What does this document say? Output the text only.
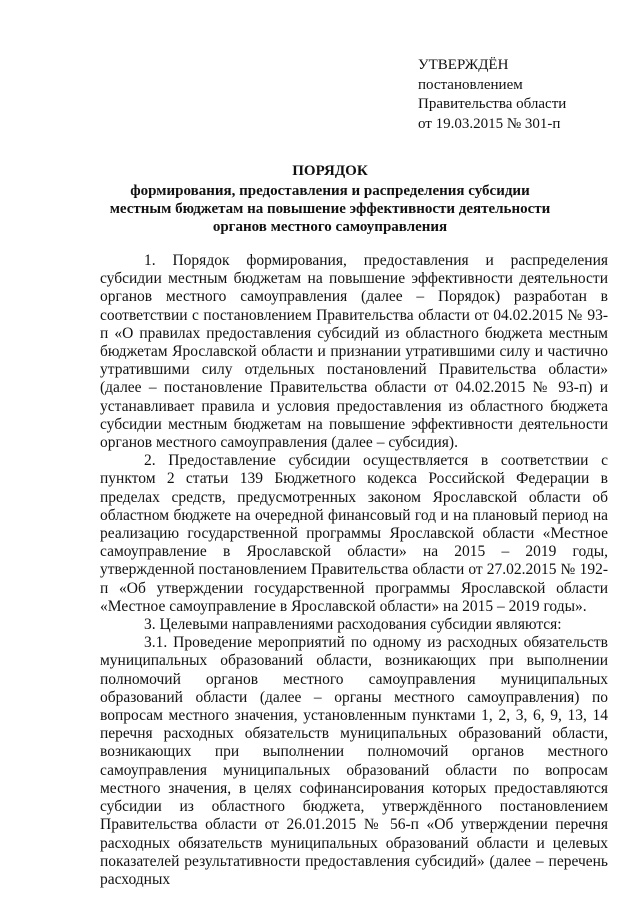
УТВЕРЖДЁН
постановлением
Правительства области
от 19.03.2015 № 301-п
ПОРЯДОК
формирования, предоставления и распределения субсидии местным бюджетам на повышение эффективности деятельности органов местного самоуправления

1. Порядок формирования, предоставления и распределения субсидии местным бюджетам на повышение эффективности деятельности органов местного самоуправления (далее – Порядок) разработан в соответствии с постановлением Правительства области от 04.02.2015 № 93-п «О правилах предоставления субсидий из областного бюджета местным бюджетам Ярославской области и признании утратившими силу и частично утратившими силу отдельных постановлений Правительства области» (далее – постановление Правительства области от 04.02.2015 № 93-п) и устанавливает правила и условия предоставления из областного бюджета субсидии местным бюджетам на повышение эффективности деятельности органов местного самоуправления (далее – субсидия).

2. Предоставление субсидии осуществляется в соответствии с пунктом 2 статьи 139 Бюджетного кодекса Российской Федерации в пределах средств, предусмотренных законом Ярославской области об областном бюджете на очередной финансовый год и на плановый период на реализацию государственной программы Ярославской области «Местное самоуправление в Ярославской области» на 2015 – 2019 годы, утвержденной постановлением Правительства области от 27.02.2015 № 192-п «Об утверждении государственной программы Ярославской области «Местное самоуправление в Ярославской области» на 2015 – 2019 годы».

3. Целевыми направлениями расходования субсидии являются:

3.1. Проведение мероприятий по одному из расходных обязательств муниципальных образований области, возникающих при выполнении полномочий органов местного самоуправления муниципальных образований области (далее – органы местного самоуправления) по вопросам местного значения, установленным пунктами 1, 2, 3, 6, 9, 13, 14 перечня расходных обязательств муниципальных образований области, возникающих при выполнении полномочий органов местного самоуправления муниципальных образований области по вопросам местного значения, в целях софинансирования которых предоставляются субсидии из областного бюджета, утверждённого постановлением Правительства области от 26.01.2015 № 56-п «Об утверждении перечня расходных обязательств муниципальных образований области и целевых показателей результативности предоставления субсидий» (далее – перечень расходных
